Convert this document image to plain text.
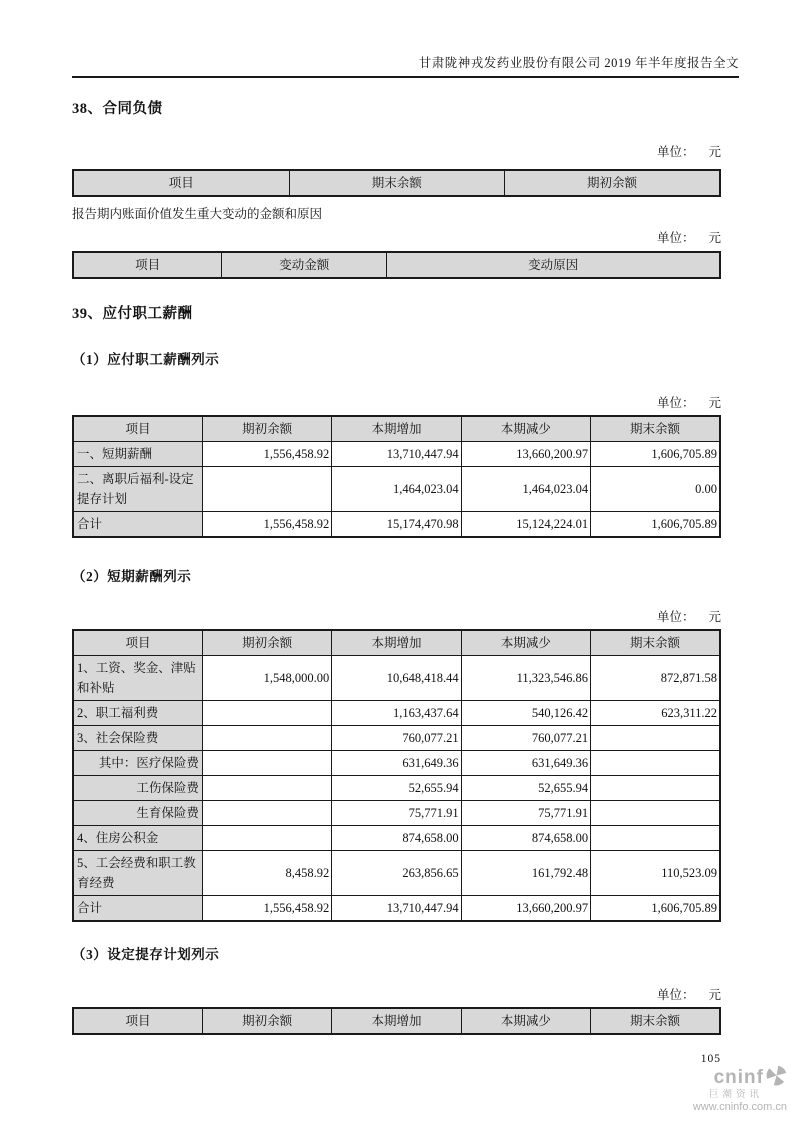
甘肃陇神戎发药业股份有限公司 2019 年半年度报告全文
38、合同负债
单位： 元
项目	期末余额	期初余额

报告期内账面价值发生重大变动的金额和原因

单位： 元
项目	变动金额	变动原因
39、应付职工薪酬
（1）应付职工薪酬列示
单位： 元
项目	期初余额	本期增加	本期减少	期末余额
一、短期薪酬	1,556,458.92	13,710,447.94	13,660,200.97	1,606,705.89
二、离职后福利-设定提存计划		1,464,023.04	1,464,023.04	0.00
合计	1,556,458.92	15,174,470.98	15,124,224.01	1,606,705.89
（2）短期薪酬列示
单位： 元
项目	期初余额	本期增加	本期减少	期末余额
1、工资、奖金、津贴和补贴	1,548,000.00	10,648,418.44	11,323,546.86	872,871.58
2、职工福利费		1,163,437.64	540,126.42	623,311.22
3、社会保险费		760,077.21	760,077.21	
其中：医疗保险费		631,649.36	631,649.36	
工伤保险费		52,655.94	52,655.94	
生育保险费		75,771.91	75,771.91	
4、住房公积金		874,658.00	874,658.00	
5、工会经费和职工教育经费	8,458.92	263,856.65	161,792.48	110,523.09
合计	1,556,458.92	13,710,447.94	13,660,200.97	1,606,705.89
（3）设定提存计划列示
单位： 元
项目	期初余额	本期增加	本期减少	期末余额
105
cninf
巨潮资讯
www.cninfo.com.cn
